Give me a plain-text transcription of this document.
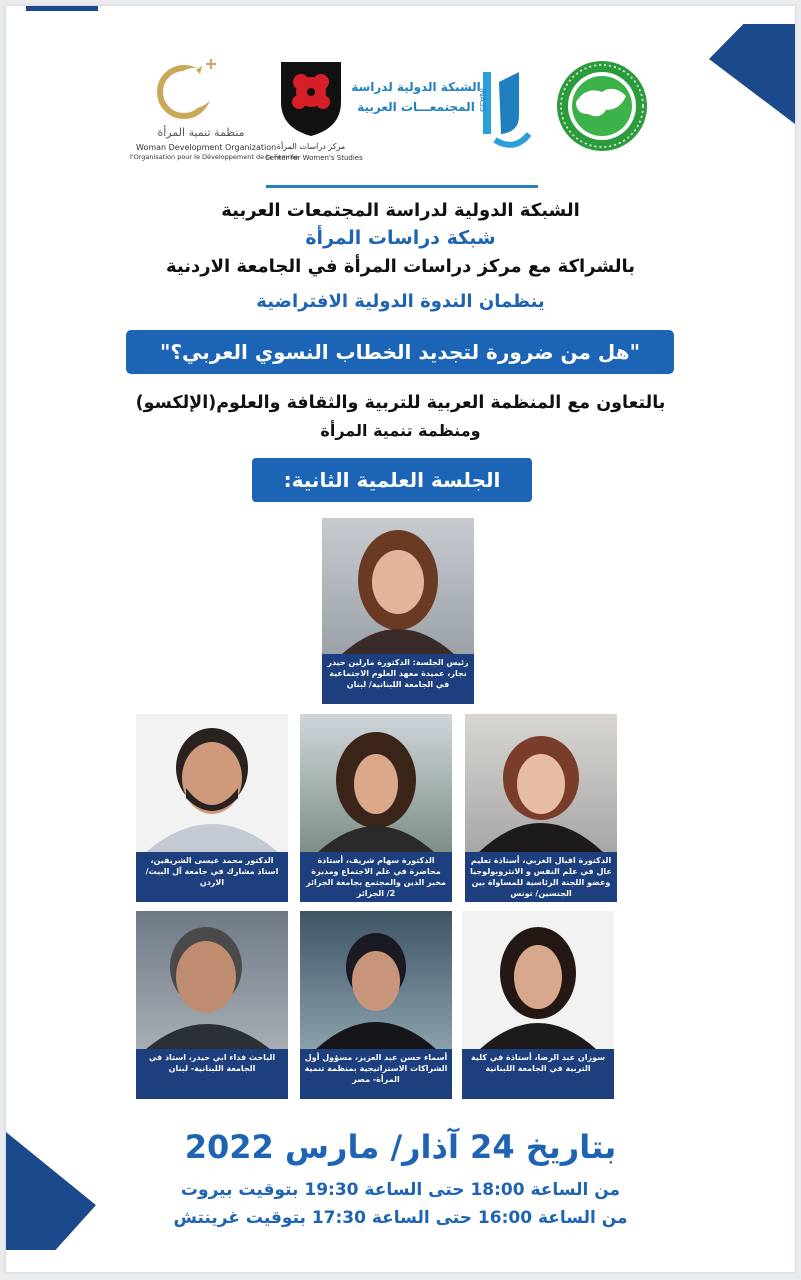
منظمة تنمية المرأة
Woman Development Organization
l'Organisation pour le Développement de la Femme
مركز دراسات المرأة
Center for Women's Studies
الشبكة الدولية لدراسة
المجتمعـــات العربية INASS
الشبكة الدولية لدراسة المجتمعات العربية
شبكة دراسات المرأة
بالشراكة مع مركز دراسات المرأة في الجامعة الاردنية
ينظمان الندوة الدولية الافتراضية
"هل من ضرورة لتجديد الخطاب النسوي العربي؟"
بالتعاون مع المنظمة العربية للتربية والثقافة والعلوم(الإلكسو)
ومنظمة تنمية المرأة
الجلسة العلمية الثانية:
رئيس الجلسة: الدكتورة مارلين حيدر نجار، عميدة معهد العلوم الاجتماعية في الجامعة اللبنانية/ لبنان
الدكتورة اقبال الغربي، أستاذة تعليم عال في علم النفس و الانثروبولوجيا وعضو اللجنة الرئاسية للمساواة بين الجنسين/ تونس
الدكتورة سهام شريف، أستاذة محاضرة في علم الاجتماع ومديرة مخبر الدين والمجتمع بجامعة الجزائر 2/ الجزائر
الدكتور محمد عيسى الشريفين، استاذ مشارك في جامعة آل البيت/ الاردن
سوزان عبد الرضا، أستاذة في كلية التربية في الجامعة اللبنانية
أسماء حسن عبد العزيز، مسؤول أول الشراكات الاستراتيجية بمنظمة تنمية المرأة- مصر
الباحث فداء ابي حيدر، استاذ في الجامعة اللبنانية- لبنان
بتاريخ 24 آذار/ مارس 2022
من الساعة 18:00 حتى الساعة 19:30 بتوقيت بيروت
من الساعة 16:00 حتى الساعة 17:30 بتوقيت غرينتش
